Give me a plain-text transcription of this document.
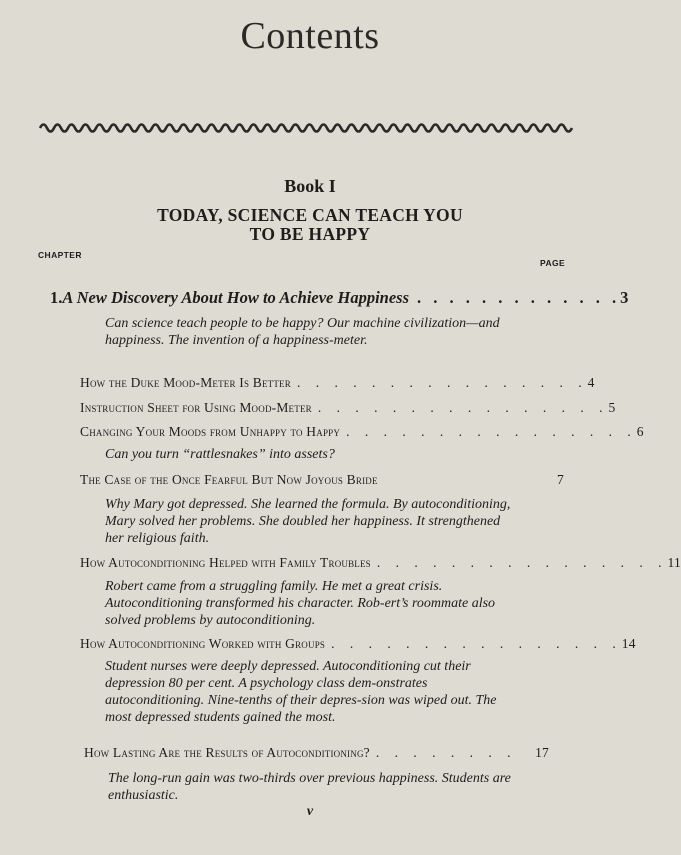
Contents
Book I
TODAY, SCIENCE CAN TEACH YOU
TO BE HAPPY
CHAPTER
PAGE
1. A New Discovery About How to Achieve Happiness . . . . . . . . . . . . . 3
Can science teach people to be happy? Our machine civilization—and happiness. The invention of a happiness-meter.
How the Duke Mood-Meter Is Better . . . . . . . . . . . . . . . . 4
Instruction Sheet for Using Mood-Meter . . . . . . . . . . . . . . . . 5
Changing Your Moods from Unhappy to Happy . . . . . . . . . . . . . . . . 6
Can you turn “rattlesnakes” into assets?
The Case of the Once Fearful But Now Joyous Bride	7
Why Mary got depressed. She learned the formula. By autoconditioning, Mary solved her problems. She doubled her happiness. It strengthened her religious faith.
How Autoconditioning Helped with Family Troubles . . . . . . . . . . . . . . . . 11
Robert came from a struggling family. He met a great crisis. Autoconditioning transformed his character. Rob-ert’s roommate also solved problems by autoconditioning.
How Autoconditioning Worked with Groups . . . . . . . . . . . . . . . . 14
Student nurses were deeply depressed. Autoconditioning cut their depression 80 per cent. A psychology class dem-onstrates autoconditioning. Nine-tenths of their depres-sion was wiped out. The most depressed students gained the most.
How Lasting Are the Results of Autoconditioning? . . . . . . . .	17
The long-run gain was two-thirds over previous happiness. Students are enthusiastic.
v
